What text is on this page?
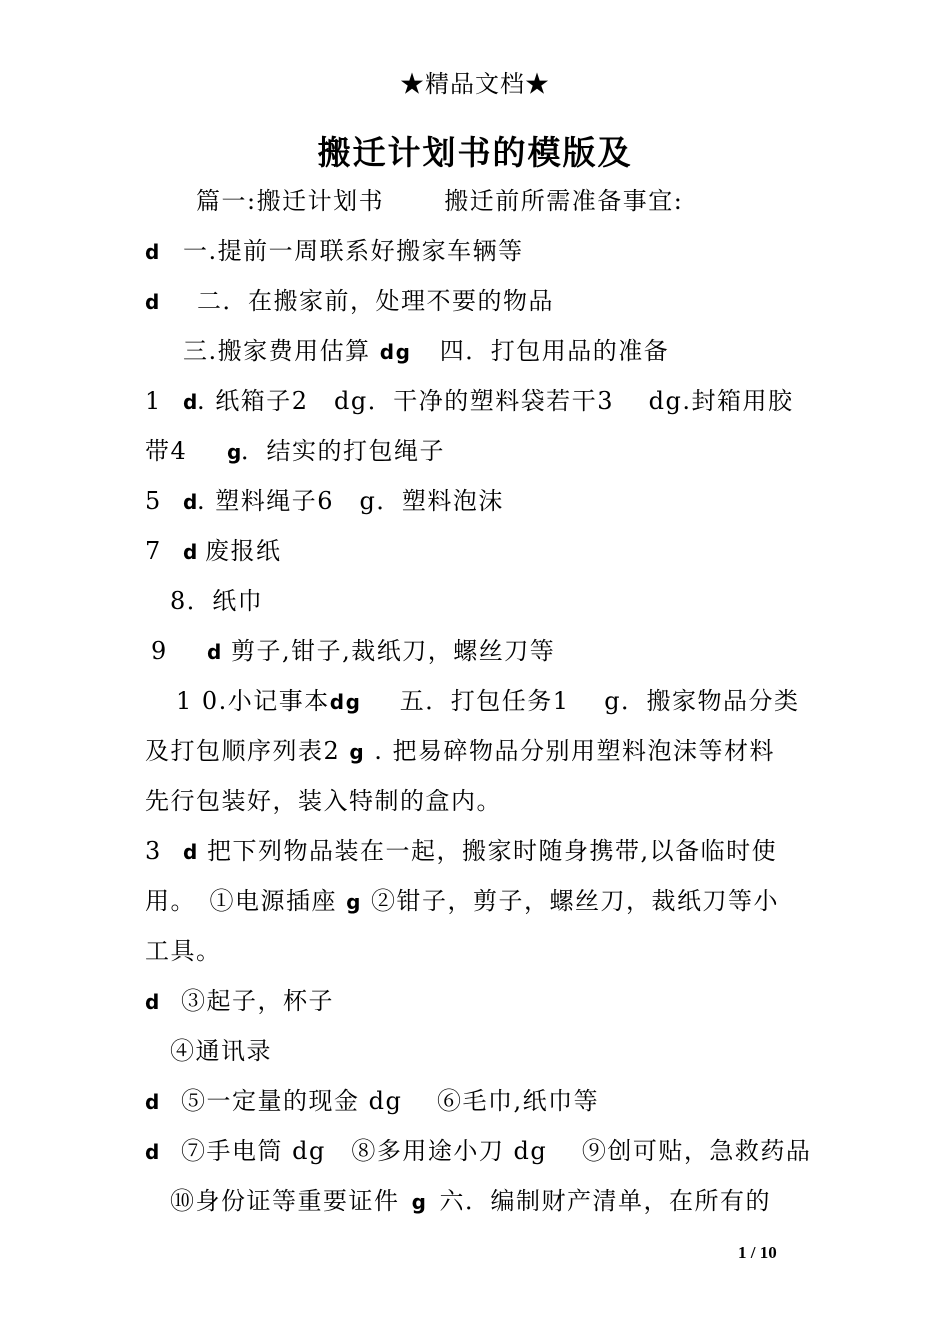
★精品文档★
搬迁计划书的模版及
篇一:搬迁计划书　　 搬迁前所需准备事宜:
d 一.提前一周联系好搬家车辆等
d 二．在搬家前，处理不要的物品
三.搬家费用估算 dg 四．打包用品的准备
1 d. 纸箱子2　dg．干净的塑料袋若干3　 dg.封箱用胶
带4 g．结实的打包绳子
5 d. 塑料绳子6　g．塑料泡沫
7 d 废报纸
8．纸巾
9 d 剪子,钳子,裁纸刀，螺丝刀等
1 0.小记事本dg 五．打包任务1　 g．搬家物品分类
及打包顺序列表2 g . 把易碎物品分别用塑料泡沫等材料
先行包装好，装入特制的盒内。
3 d 把下列物品装在一起，搬家时随身携带,以备临时使
用。　①电源插座 g ②钳子，剪子，螺丝刀，裁纸刀等小
工具。
d ③起子，杯子
④通讯录
d ⑤一定量的现金 dg　 ⑥毛巾,纸巾等
d ⑦手电筒 dg　⑧多用途小刀 dg　 ⑨创可贴，急救药品
⑩身份证等重要证件 g 六．编制财产清单，在所有的
1 / 10
